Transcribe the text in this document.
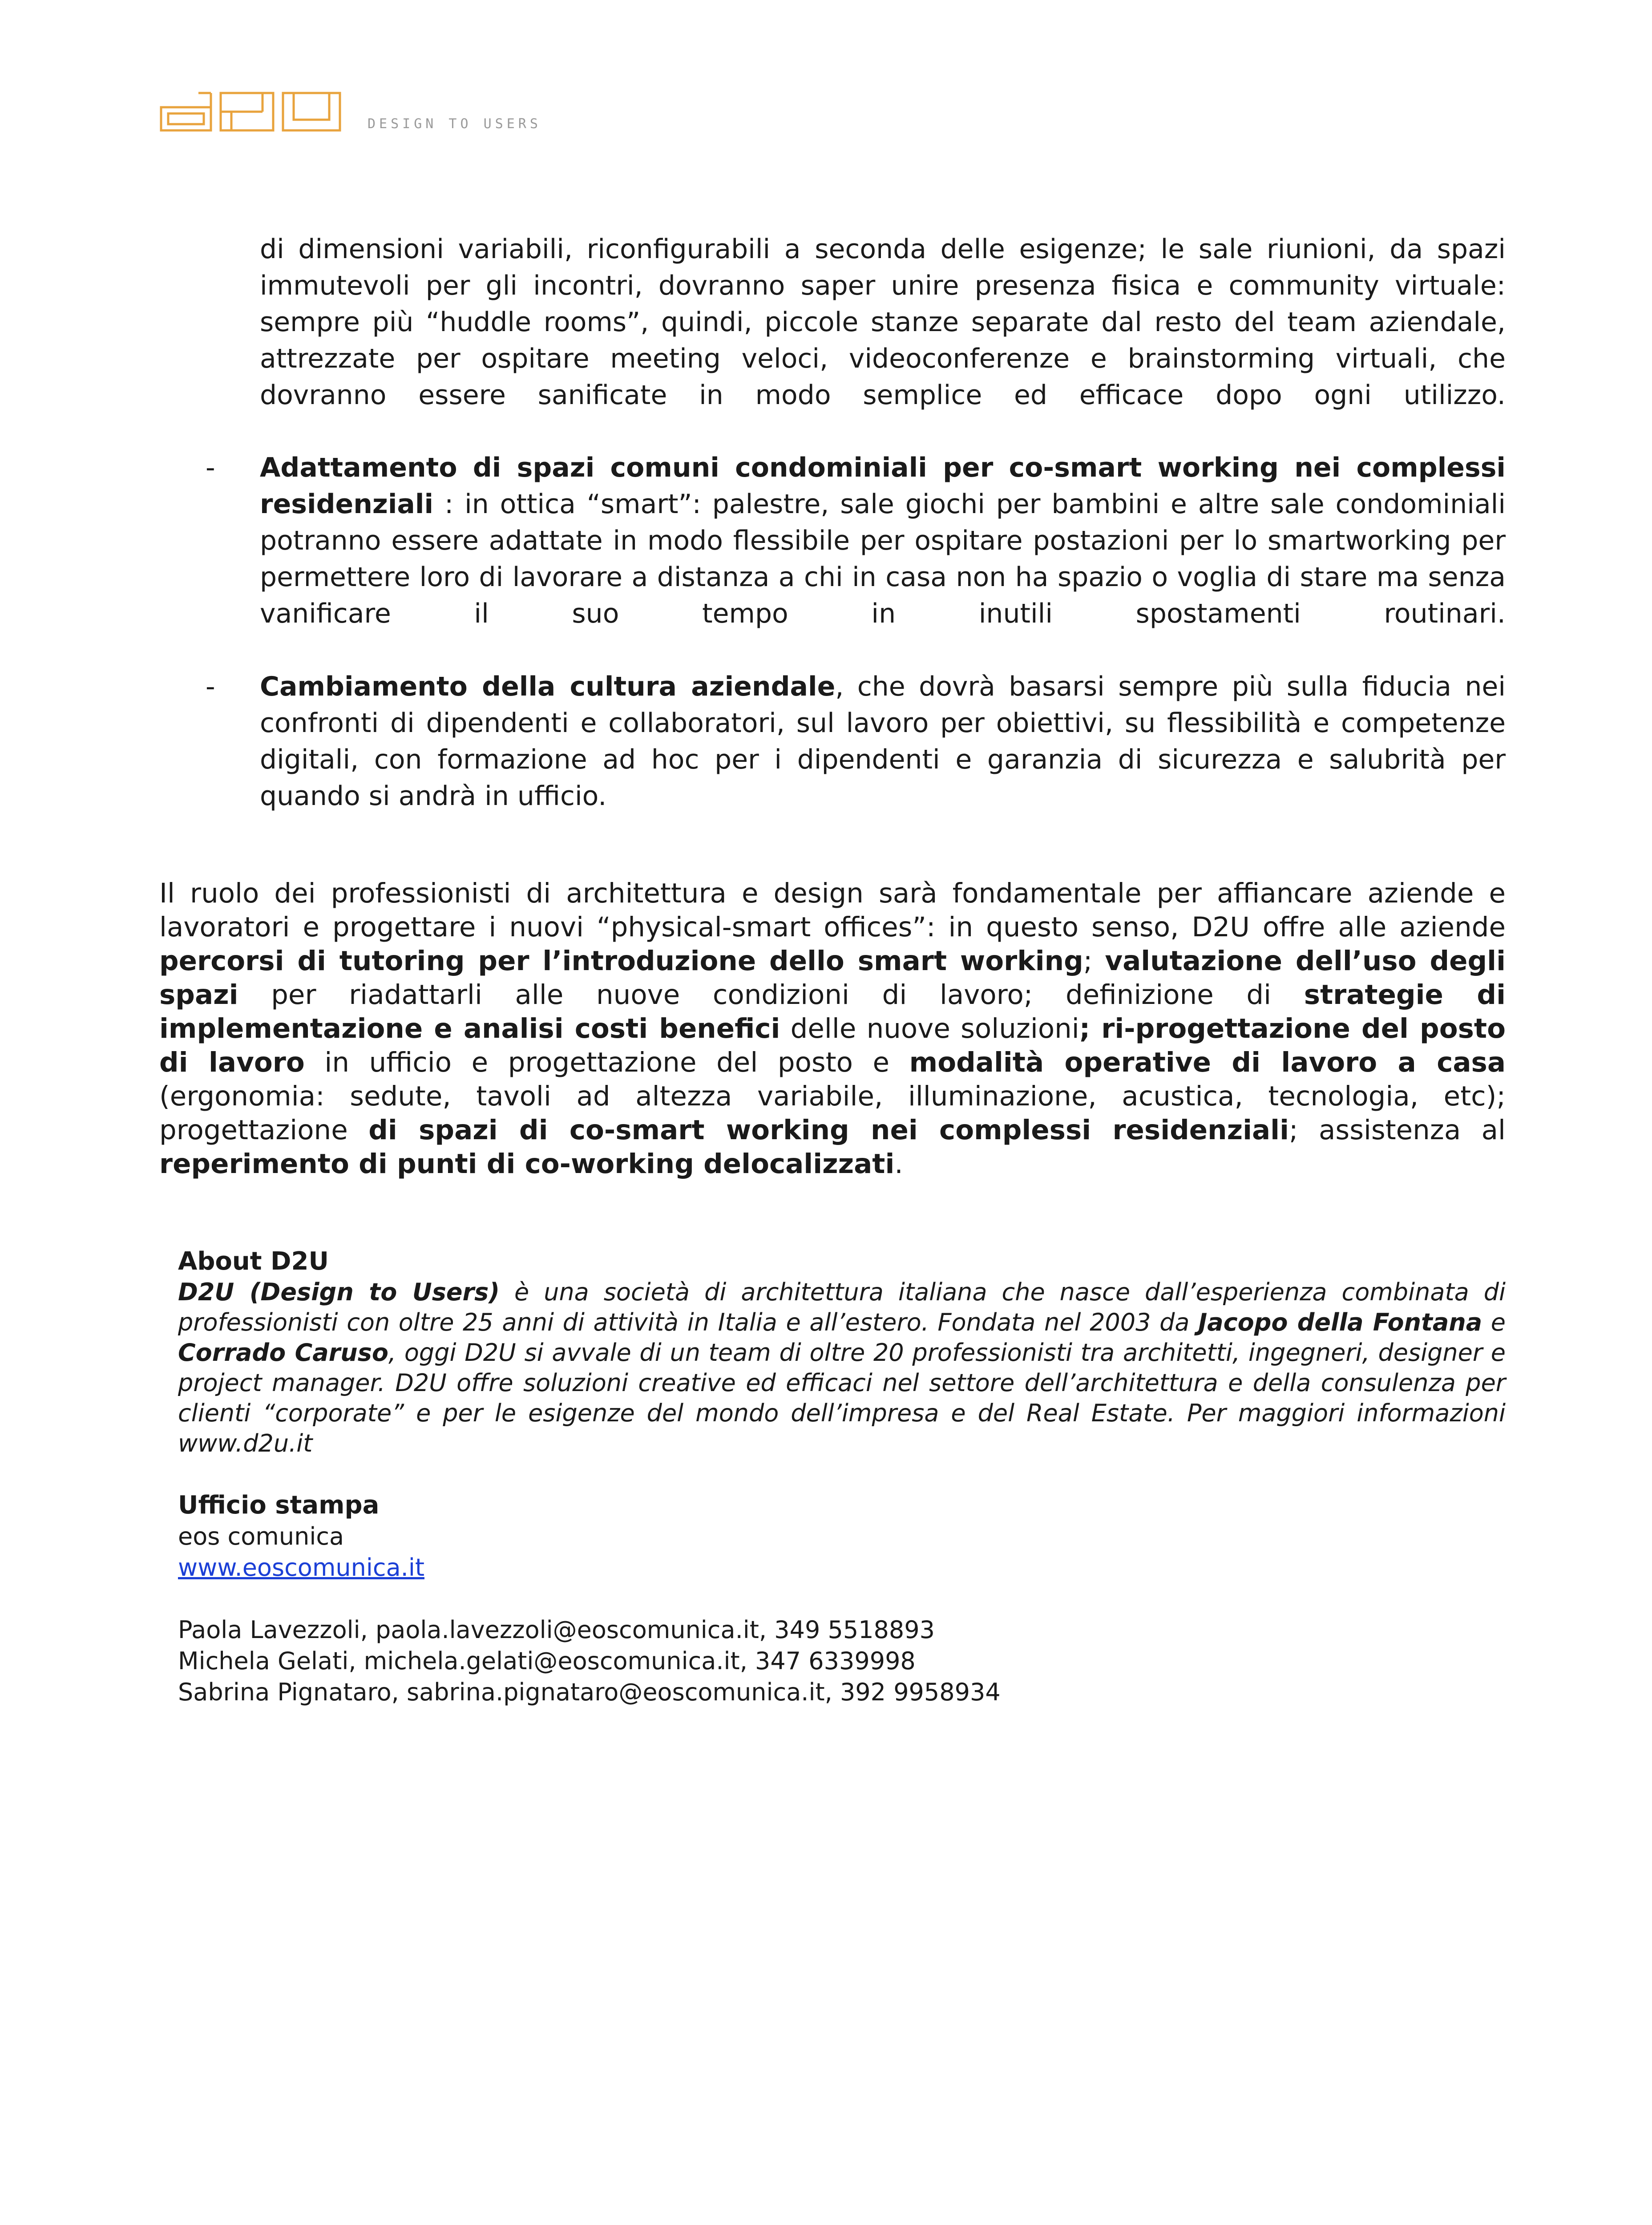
DESIGN TO USERS

di dimensioni variabili, riconfigurabili a seconda delle esigenze; le sale riunioni, da spazi immutevoli per gli incontri, dovranno saper unire presenza fisica e community virtuale: sempre più “huddle rooms”, quindi, piccole stanze separate dal resto del team aziendale, attrezzate per ospitare meeting veloci, videoconferenze e brainstorming virtuali, che dovranno essere sanificate in modo semplice ed efficace dopo ogni utilizzo.

- Adattamento di spazi comuni condominiali per co-smart working nei complessi residenziali : in ottica “smart”: palestre, sale giochi per bambini e altre sale condominiali potranno essere adattate in modo flessibile per ospitare postazioni per lo smartworking per permettere loro di lavorare a distanza a chi in casa non ha spazio o voglia di stare ma senza vanificare il suo tempo in inutili spostamenti routinari.

- Cambiamento della cultura aziendale, che dovrà basarsi sempre più sulla fiducia nei confronti di dipendenti e collaboratori, sul lavoro per obiettivi, su flessibilità e competenze digitali, con formazione ad hoc per i dipendenti e garanzia di sicurezza e salubrità per quando si andrà in ufficio.

Il ruolo dei professionisti di architettura e design sarà fondamentale per affiancare aziende e lavoratori e progettare i nuovi “physical-smart offices”: in questo senso, D2U offre alle aziende percorsi di tutoring per l’introduzione dello smart working; valutazione dell’uso degli spazi per riadattarli alle nuove condizioni di lavoro; definizione di strategie di implementazione e analisi costi benefici delle nuove soluzioni; ri-progettazione del posto di lavoro in ufficio e progettazione del posto e modalità operative di lavoro a casa (ergonomia: sedute, tavoli ad altezza variabile, illuminazione, acustica, tecnologia, etc); progettazione di spazi di co-smart working nei complessi residenziali; assistenza al reperimento di punti di co-working delocalizzati.

About D2U

D2U (Design to Users) è una società di architettura italiana che nasce dall’esperienza combinata di professionisti con oltre 25 anni di attività in Italia e all’estero. Fondata nel 2003 da Jacopo della Fontana e Corrado Caruso, oggi D2U si avvale di un team di oltre 20 professionisti tra architetti, ingegneri, designer e project manager. D2U offre soluzioni creative ed efficaci nel settore dell’architettura e della consulenza per clienti “corporate” e per le esigenze del mondo dell’impresa e del Real Estate. Per maggiori informazioni www.d2u.it

Ufficio stampa

eos comunica

www.eoscomunica.it

Paola Lavezzoli, paola.lavezzoli@eoscomunica.it, 349 5518893

Michela Gelati, michela.gelati@eoscomunica.it, 347 6339998

Sabrina Pignataro, sabrina.pignataro@eoscomunica.it, 392 9958934
